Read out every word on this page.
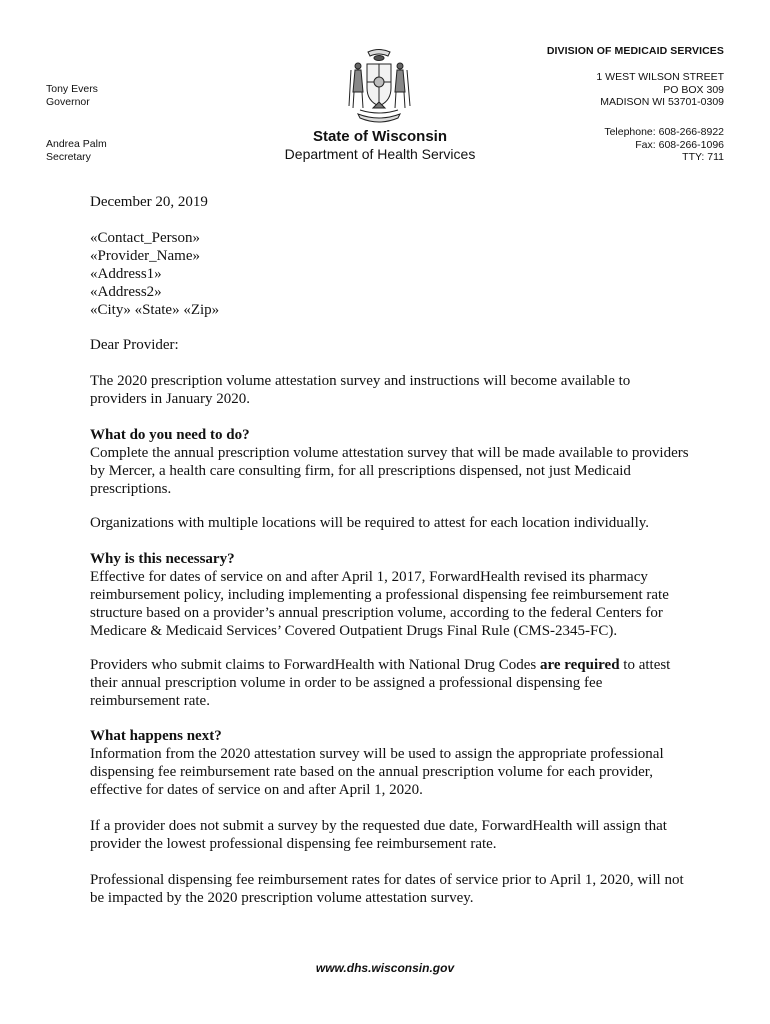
DIVISION OF MEDICAID SERVICES
1 WEST WILSON STREET
PO BOX 309
MADISON WI 53701-0309
Telephone: 608-266-8922
Fax: 608-266-1096
TTY: 711
Tony Evers
Governor
Andrea Palm
Secretary
State of Wisconsin
Department of Health Services
December 20, 2019
«Contact_Person»
«Provider_Name»
«Address1»
«Address2»
«City» «State» «Zip»
Dear Provider:

The 2020 prescription volume attestation survey and instructions will become available to providers in January 2020.

What do you need to do?

Complete the annual prescription volume attestation survey that will be made available to providers by Mercer, a health care consulting firm, for all prescriptions dispensed, not just Medicaid prescriptions.

Organizations with multiple locations will be required to attest for each location individually.

Why is this necessary?

Effective for dates of service on and after April 1, 2017, ForwardHealth revised its pharmacy reimbursement policy, including implementing a professional dispensing fee reimbursement rate structure based on a provider’s annual prescription volume, according to the federal Centers for Medicare & Medicaid Services’ Covered Outpatient Drugs Final Rule (CMS-2345-FC).

Providers who submit claims to ForwardHealth with National Drug Codes are required to attest their annual prescription volume in order to be assigned a professional dispensing fee reimbursement rate.

What happens next?

Information from the 2020 attestation survey will be used to assign the appropriate professional dispensing fee reimbursement rate based on the annual prescription volume for each provider, effective for dates of service on and after April 1, 2020.

If a provider does not submit a survey by the requested due date, ForwardHealth will assign that provider the lowest professional dispensing fee reimbursement rate.

Professional dispensing fee reimbursement rates for dates of service prior to April 1, 2020, will not be impacted by the 2020 prescription volume attestation survey.

www.dhs.wisconsin.gov
